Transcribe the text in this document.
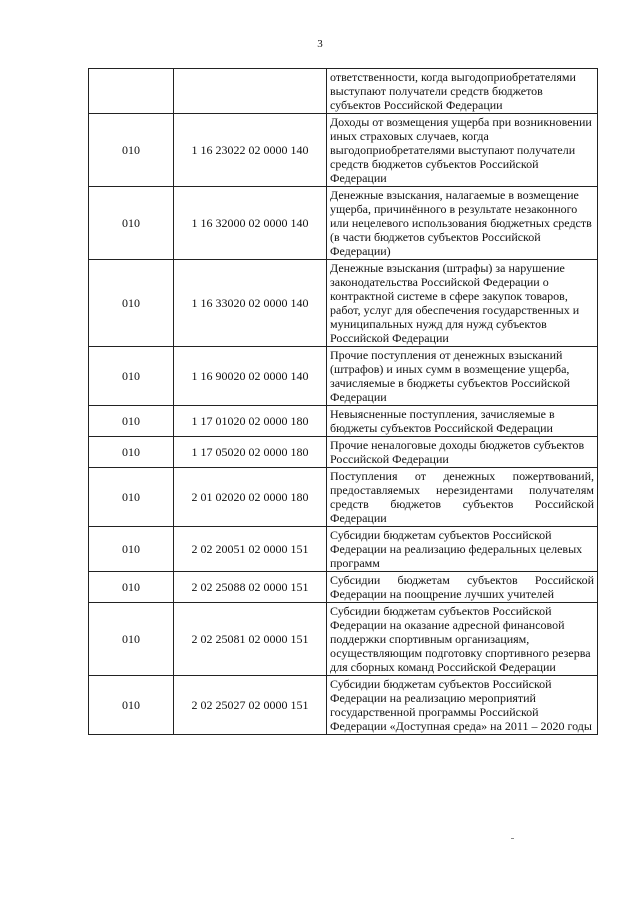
3
		ответственности, когда выгодоприобретателями выступают получатели средств бюджетов субъектов Российской Федерации
010	1 16 23022 02 0000 140	Доходы от возмещения ущерба при возникновении иных страховых случаев, когда выгодоприобретателями выступают получатели средств бюджетов субъектов Российской Федерации
010	1 16 32000 02 0000 140	Денежные взыскания, налагаемые в возмещение ущерба, причинённого в результате незаконного или нецелевого использования бюджетных средств (в части бюджетов субъектов Российской Федерации)
010	1 16 33020 02 0000 140	Денежные взыскания (штрафы) за нарушение законодательства Российской Федерации о контрактной системе в сфере закупок товаров, работ, услуг для обеспечения государственных и муниципальных нужд для нужд субъектов Российской Федерации
010	1 16 90020 02 0000 140	Прочие поступления от денежных взысканий (штрафов) и иных сумм в возмещение ущерба, зачисляемые в бюджеты субъектов Российской Федерации
010	1 17 01020 02 0000 180	Невыясненные поступления, зачисляемые в бюджеты субъектов Российской Федерации
010	1 17 05020 02 0000 180	Прочие неналоговые доходы бюджетов субъектов Российской Федерации
010	2 01 02020 02 0000 180	Поступления от денежных пожертвований, предоставляемых нерезидентами получателям средств бюджетов субъектов Российской Федерации
010	2 02 20051 02 0000 151	Субсидии бюджетам субъектов Российской Федерации на реализацию федеральных целевых программ
010	2 02 25088 02 0000 151	Субсидии бюджетам субъектов Российской Федерации на поощрение лучших учителей
010	2 02 25081 02 0000 151	Субсидии бюджетам субъектов Российской Федерации на оказание адресной финансовой поддержки спортивным организациям, осуществляющим подготовку спортивного резерва для сборных команд Российской Федерации
010	2 02 25027 02 0000 151	Субсидии бюджетам субъектов Российской Федерации на реализацию мероприятий государственной программы Российской Федерации «Доступная среда» на 2011 – 2020 годы
